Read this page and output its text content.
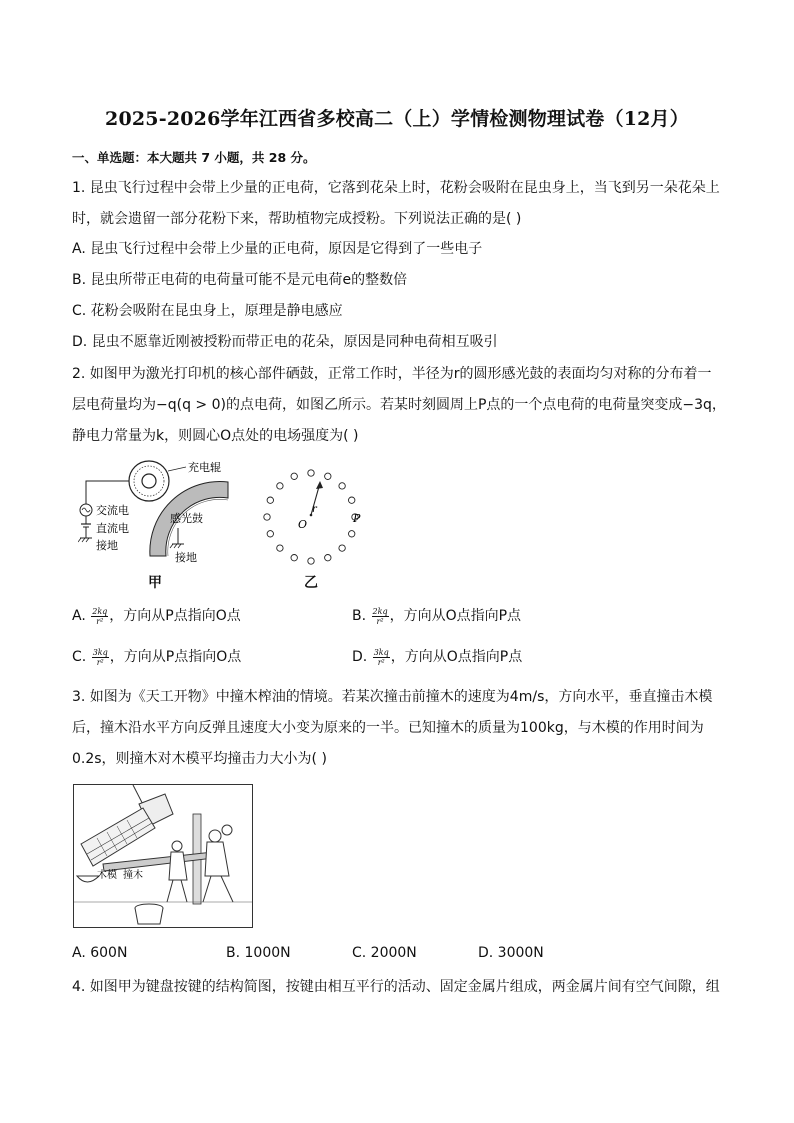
2025-2026学年江西省多校高二（上）学情检测物理试卷（12月）
一、单选题：本大题共 7 小题，共 28 分。
1. 昆虫飞行过程中会带上少量的正电荷，它落到花朵上时，花粉会吸附在昆虫身上，当飞到另一朵花朵上
时，就会遗留一部分花粉下来，帮助植物完成授粉。下列说法正确的是( )
A. 昆虫飞行过程中会带上少量的正电荷，原因是它得到了一些电子
B. 昆虫所带正电荷的电荷量可能不是元电荷e的整数倍
C. 花粉会吸附在昆虫身上，原理是静电感应
D. 昆虫不愿靠近刚被授粉而带正电的花朵，原因是同种电荷相互吸引
2. 如图甲为激光打印机的核心部件硒鼓，正常工作时，半径为r的圆形感光鼓的表面均匀对称的分布着一
层电荷量均为−q(q > 0)的点电荷，如图乙所示。若某时刻圆周上P点的一个点电荷的电荷量突变成−3q，
静电力常量为k，则圆心O点处的电场强度为( )
充电辊
交流电
直流电
接地
感光鼓
接地
甲
r
O	P
乙
A. $\frac{2kq}{\text{r²}}$ ，方向从P点指向O点	B. $\frac{2kq}{\text{r²}}$ ，方向从O点指向P点
C. $\frac{3kq}{\text{r²}}$ ，方向从P点指向O点	D. $\frac{3kq}{\text{r²}}$ ，方向从O点指向P点
3. 如图为《天工开物》中撞木榨油的情境。若某次撞击前撞木的速度为4m/s，方向水平，垂直撞击木模
后，撞木沿水平方向反弹且速度大小变为原来的一半。已知撞木的质量为100kg，与木模的作用时间为
0.2s，则撞木对木模平均撞击力大小为( )
木模 撞木
A. 600N	B. 1000N	C. 2000N	D. 3000N
4. 如图甲为键盘按键的结构简图，按键由相互平行的活动、固定金属片组成，两金属片间有空气间隙，组
